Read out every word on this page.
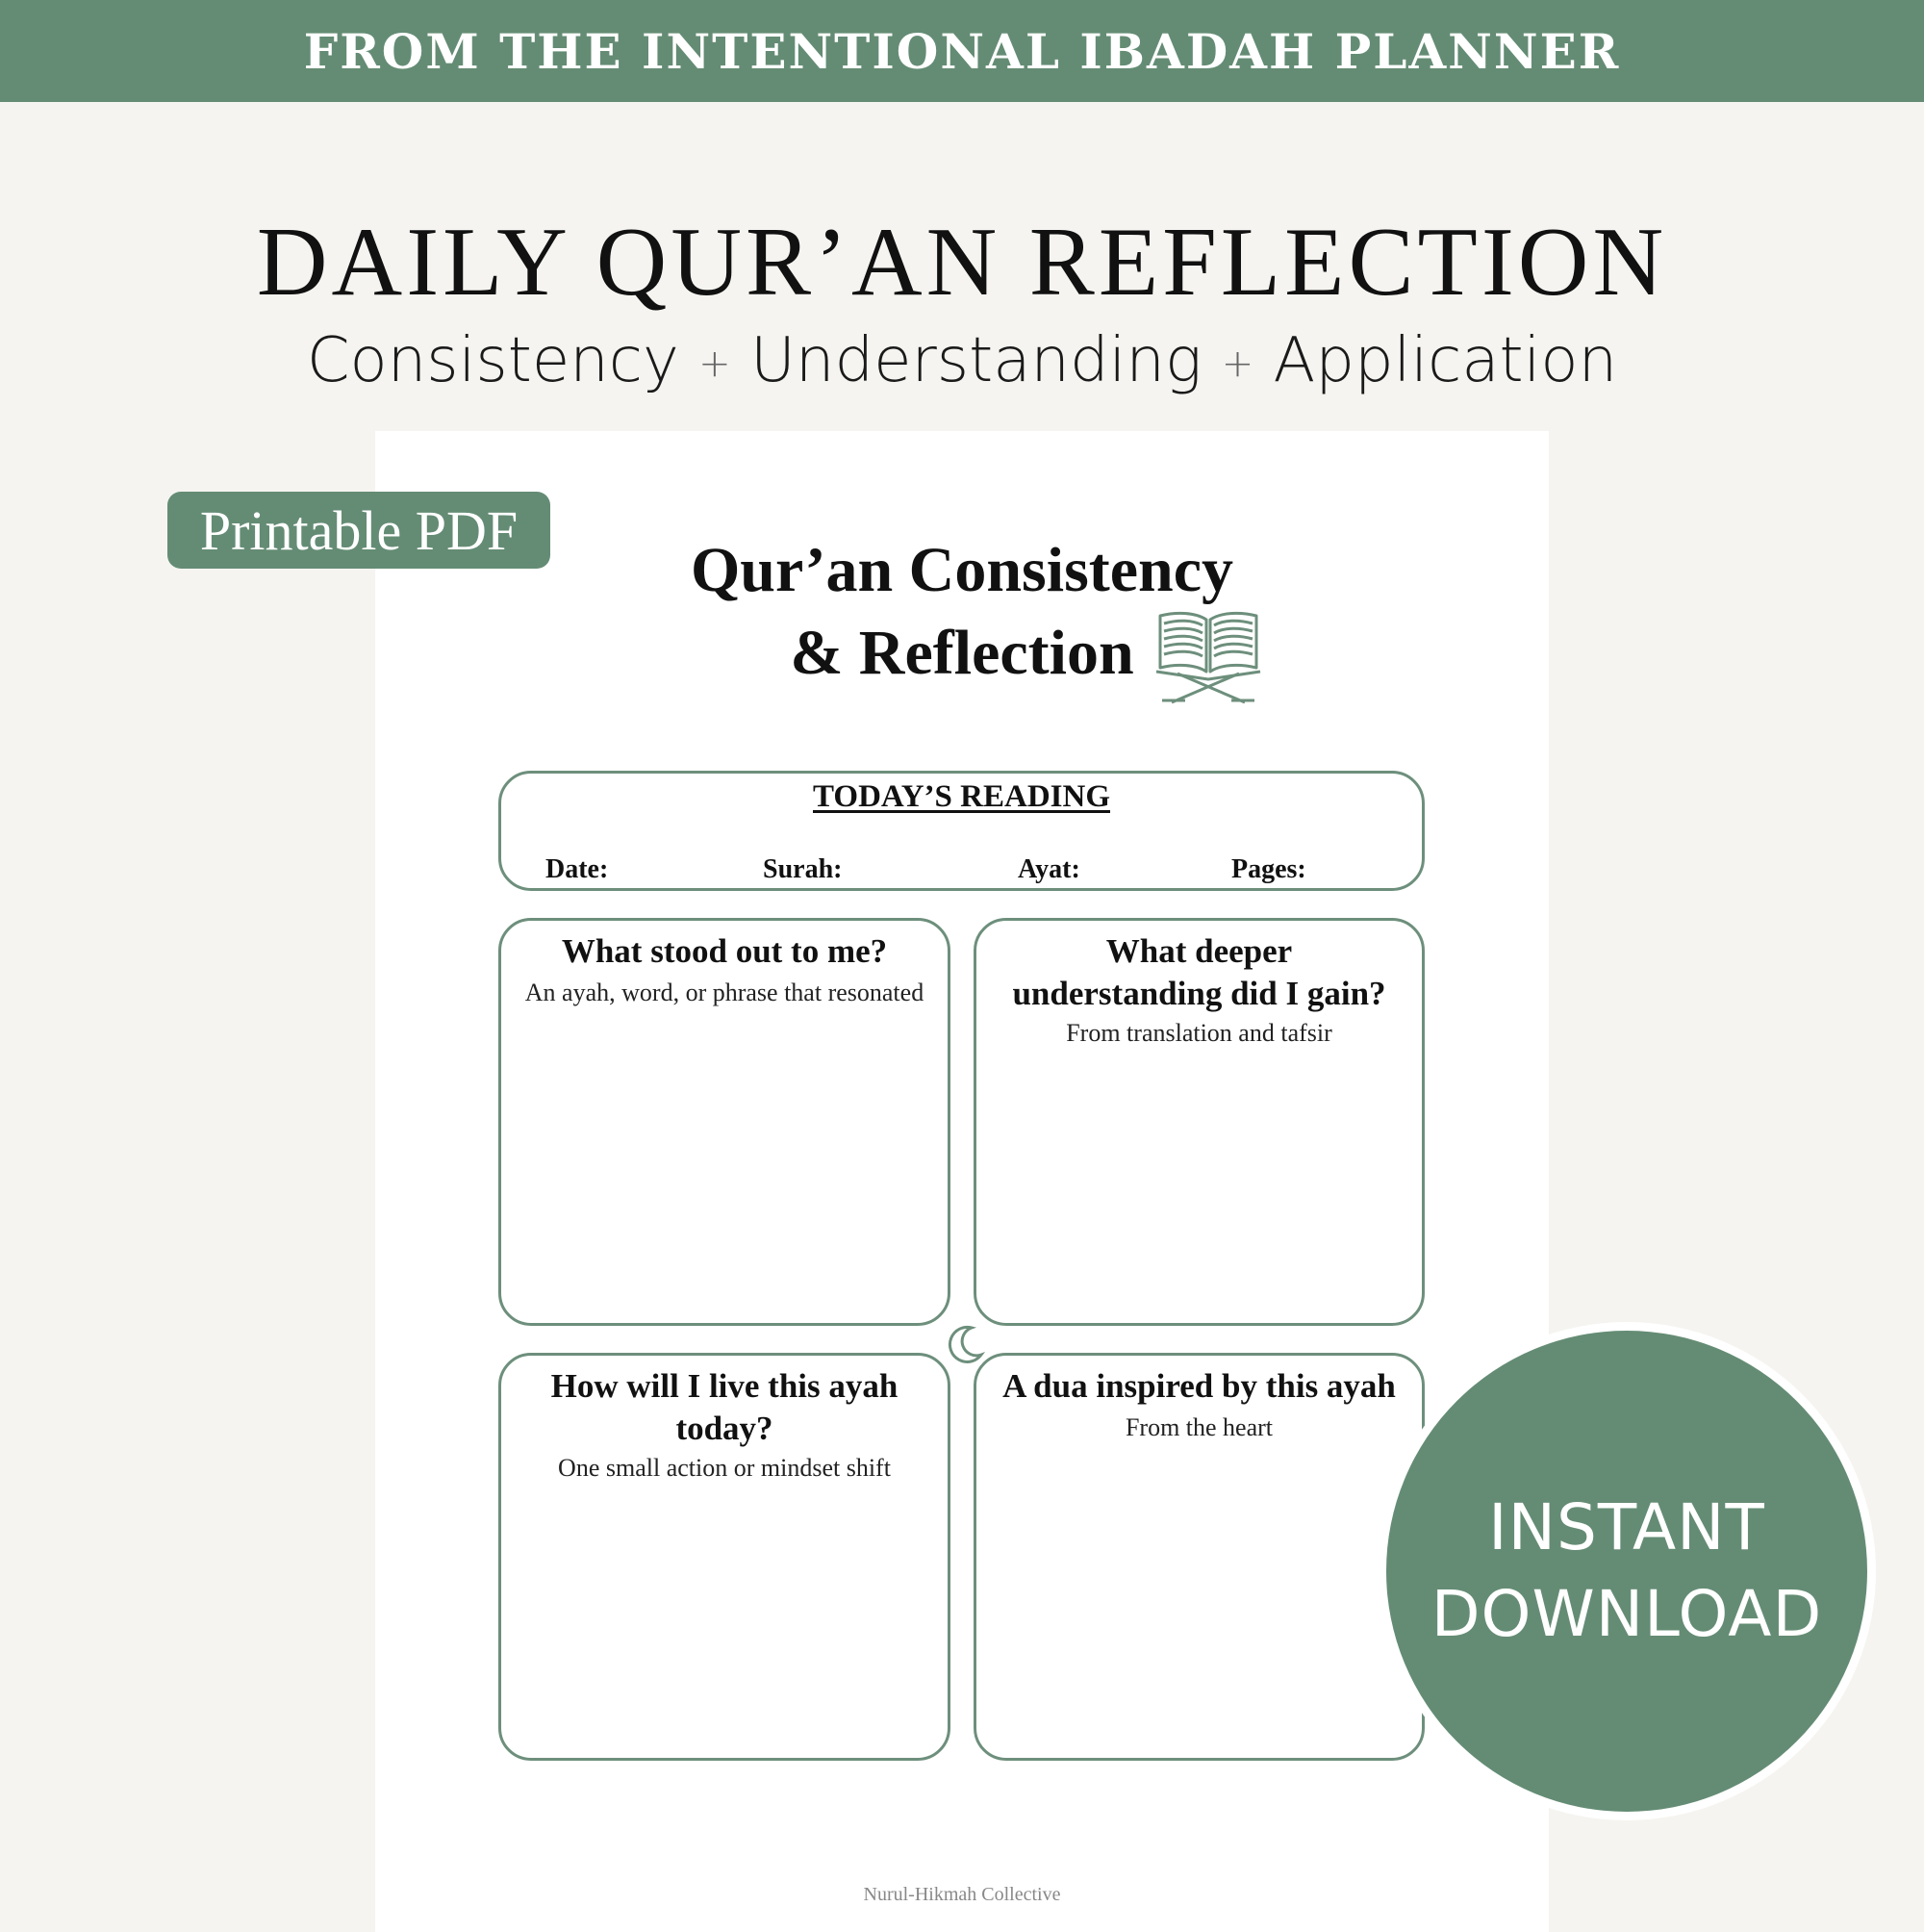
FROM THE INTENTIONAL IBADAH PLANNER
DAILY QUR’AN REFLECTION
Consistency + Understanding + Application
Printable PDF
Qur’an Consistency
& Reflection
TODAY’S READING
Date:	Surah:	Ayat:	Pages:
What stood out to me?
An ayah, word, or phrase that resonated
What deeper understanding did I gain?
From translation and tafsir
How will I live this ayah today?
One small action or mindset shift
A dua inspired by this ayah
From the heart
Nurul-Hikmah Collective
INSTANT
DOWNLOAD
